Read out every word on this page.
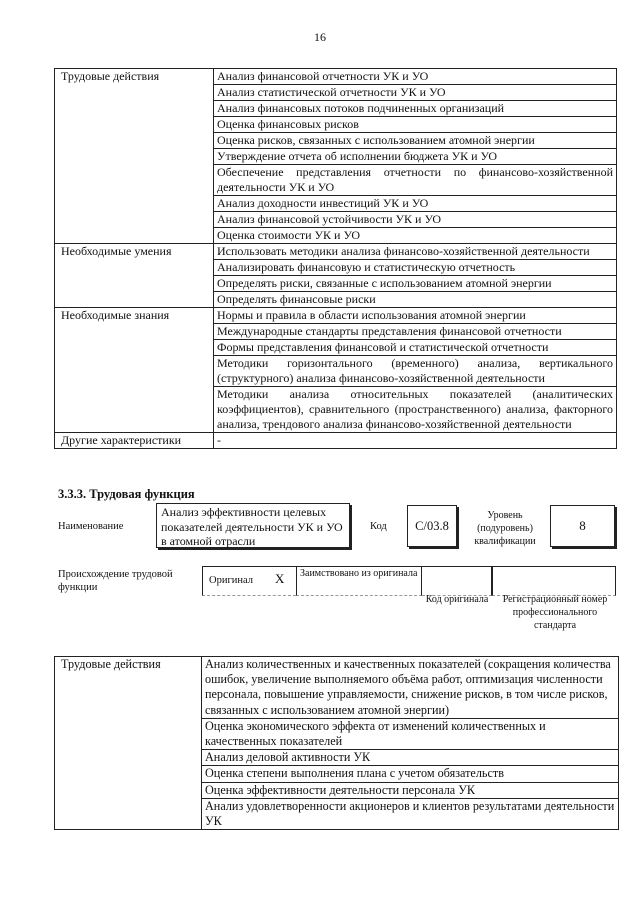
16
Трудовые действия	Анализ финансовой отчетности УК и УО
	Анализ статистической отчетности УК и УО
	Анализ финансовых потоков подчиненных организаций
	Оценка финансовых рисков
	Оценка рисков, связанных с использованием атомной энергии
	Утверждение отчета об исполнении бюджета УК и УО
	Обеспечение представления отчетности по финансово-хозяйственной деятельности УК и УО
	Анализ доходности инвестиций УК и УО
	Анализ финансовой устойчивости УК и УО
	Оценка стоимости УК и УО
Необходимые умения	Использовать методики анализа финансово-хозяйственной деятельности
	Анализировать финансовую и статистическую отчетность
	Определять риски, связанные с использованием атомной энергии
	Определять финансовые риски
Необходимые знания	Нормы и правила в области использования атомной энергии
	Международные стандарты представления финансовой отчетности
	Формы представления финансовой и статистической отчетности
	Методики горизонтального (временного) анализа, вертикального (структурного) анализа финансово-хозяйственной деятельности
	Методики анализа относительных показателей (аналитических коэффициентов), сравнительного (пространственного) анализа, факторного анализа, трендового анализа финансово-хозяйственной деятельности
Другие характеристики	-
3.3.3. Трудовая функция
Наименование
Анализ эффективности целевых показателей деятельности УК и УО в атомной отрасли
Код С/03.8
Уровень (подуровень) квалификации
8
Происхождение трудовой функции
Оригинал X Заимствовано из оригинала
Код оригинала Регистрационный номер профессионального стандарта
Трудовые действия	Анализ количественных и качественных показателей (сокращения количества ошибок, увеличение выполняемого объёма работ, оптимизация численности персонала, повышение управляемости, снижение рисков, в том числе рисков, связанных с использованием атомной энергии)
Оценка экономического эффекта от изменений количественных и качественных показателей
Анализ деловой активности УК
Оценка степени выполнения плана с учетом обязательств
Оценка эффективности деятельности персонала УК
Анализ удовлетворенности акционеров и клиентов результатами деятельности УК
